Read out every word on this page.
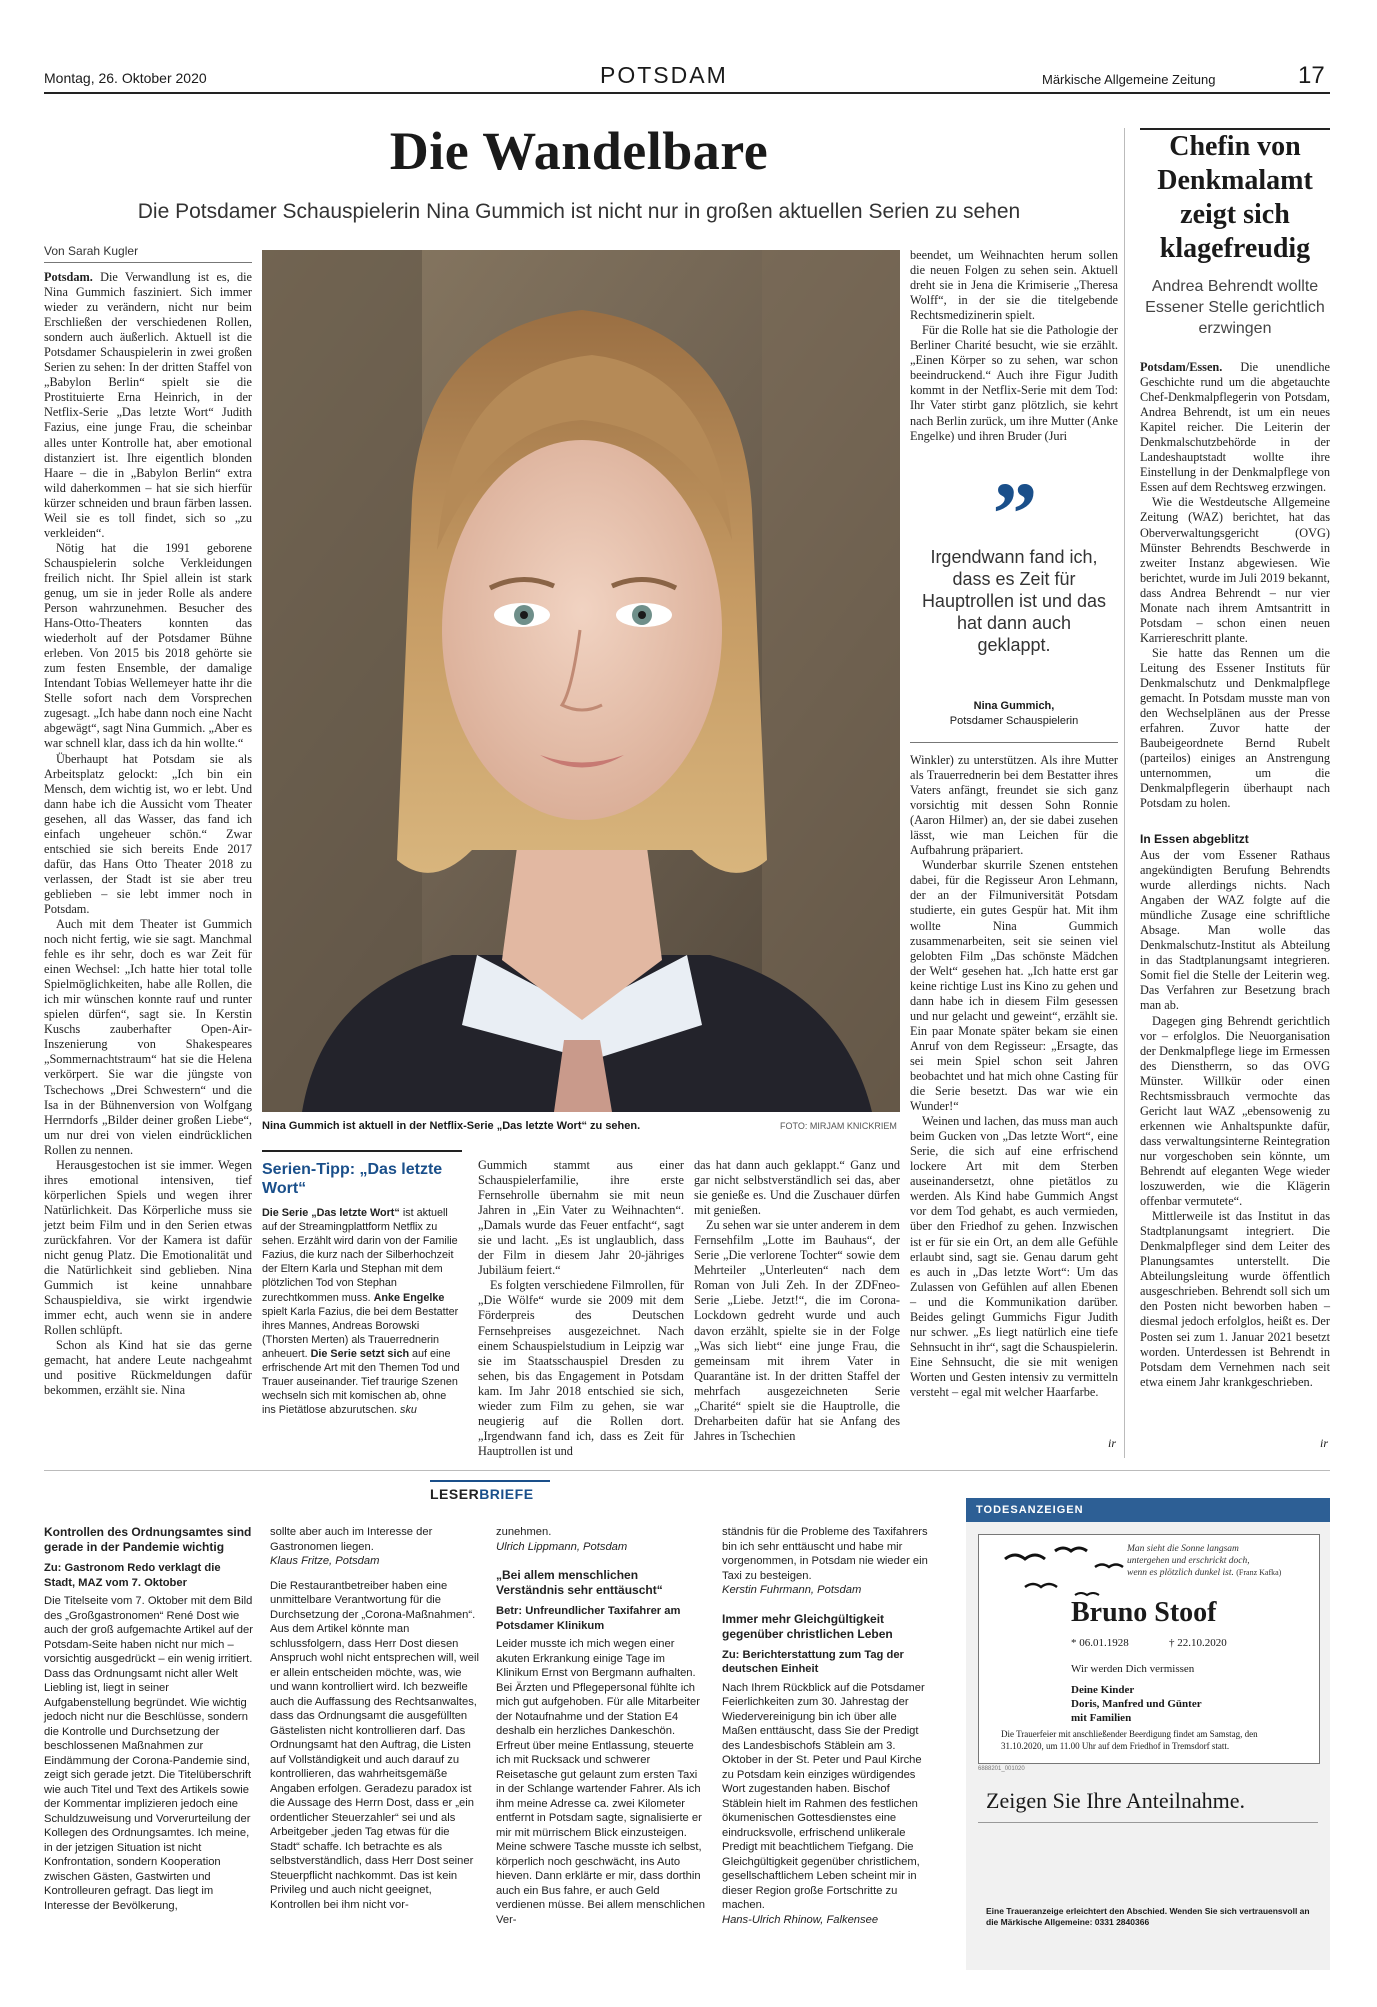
Montag, 26. Oktober 2020	POTSDAM	Märkische Allgemeine Zeitung	17
Die Wandelbare
Die Potsdamer Schauspielerin Nina Gummich ist nicht nur in großen aktuellen Serien zu sehen
Von Sarah Kugler

Potsdam. Die Verwandlung ist es, die Nina Gummich fasziniert. Sich immer wieder zu verändern, nicht nur beim Erschließen der verschiedenen Rollen, sondern auch äußerlich. Aktuell ist die Potsdamer Schauspielerin in zwei großen Serien zu sehen: In der dritten Staffel von „Babylon Berlin“ spielt sie die Prostituierte Erna Heinrich, in der Netflix-Serie „Das letzte Wort“ Judith Fazius, eine junge Frau, die scheinbar alles unter Kontrolle hat, aber emotional distanziert ist. Ihre eigentlich blonden Haare – die in „Babylon Berlin“ extra wild daherkommen – hat sie sich hierfür kürzer schneiden und braun färben lassen. Weil sie es toll findet, sich so „zu verkleiden“.

Nötig hat die 1991 geborene Schauspielerin solche Verkleidungen freilich nicht. Ihr Spiel allein ist stark genug, um sie in jeder Rolle als andere Person wahrzunehmen. Besucher des Hans-Otto-Theaters konnten das wiederholt auf der Potsdamer Bühne erleben. Von 2015 bis 2018 gehörte sie zum festen Ensemble, der damalige Intendant Tobias Wellemeyer hatte ihr die Stelle sofort nach dem Vorsprechen zugesagt. „Ich habe dann noch eine Nacht abgewägt“, sagt Nina Gummich. „Aber es war schnell klar, dass ich da hin wollte.“

Überhaupt hat Potsdam sie als Arbeitsplatz gelockt: „Ich bin ein Mensch, dem wichtig ist, wo er lebt. Und dann habe ich die Aussicht vom Theater gesehen, all das Wasser, das fand ich einfach ungeheuer schön.“ Zwar entschied sie sich bereits Ende 2017 dafür, das Hans Otto Theater 2018 zu verlassen, der Stadt ist sie aber treu geblieben – sie lebt immer noch in Potsdam.

Auch mit dem Theater ist Gummich noch nicht fertig, wie sie sagt. Manchmal fehle es ihr sehr, doch es war Zeit für einen Wechsel: „Ich hatte hier total tolle Spielmöglichkeiten, habe alle Rollen, die ich mir wünschen konnte rauf und runter spielen dürfen“, sagt sie. In Kerstin Kuschs zauberhafter Open-Air-Inszenierung von Shakespeares „Sommernachtstraum“ hat sie die Helena verkörpert. Sie war die jüngste von Tschechows „Drei Schwestern“ und die Isa in der Bühnenversion von Wolfgang Herrndorfs „Bilder deiner großen Liebe“, um nur drei von vielen eindrücklichen Rollen zu nennen.

Herausgestochen ist sie immer. Wegen ihres emotional intensiven, tief körperlichen Spiels und wegen ihrer Natürlichkeit. Das Körperliche muss sie jetzt beim Film und in den Serien etwas zurückfahren. Vor der Kamera ist dafür nicht genug Platz. Die Emotionalität und die Natürlichkeit sind geblieben. Nina Gummich ist keine unnahbare Schauspieldiva, sie wirkt irgendwie immer echt, auch wenn sie in andere Rollen schlüpft.

Schon als Kind hat sie das gerne gemacht, hat andere Leute nachgeahmt und positive Rückmeldungen dafür bekommen, erzählt sie. Nina

Nina Gummich ist aktuell in der Netflix-Serie „Das letzte Wort“ zu sehen.	FOTO: MIRJAM KNICKRIEM
Serien-Tipp: „Das letzte Wort“
Die Serie „Das letzte Wort“ ist aktuell auf der Streamingplattform Netflix zu sehen. Erzählt wird darin von der Familie Fazius, die kurz nach der Silberhochzeit der Eltern Karla und Stephan mit dem plötzlichen Tod von Stephan zurechtkommen muss. Anke Engelke spielt Karla Fazius, die bei dem Bestatter ihres Mannes, Andreas Borowski (Thorsten Merten) als Trauerrednerin anheuert. Die Serie setzt sich auf eine erfrischende Art mit den Themen Tod und Trauer auseinander. Tief traurige Szenen wechseln sich mit komischen ab, ohne ins Pietätlose abzurutschen. sku

Gummich stammt aus einer Schauspielerfamilie, ihre erste Fernsehrolle übernahm sie mit neun Jahren in „Ein Vater zu Weihnachten“. „Damals wurde das Feuer entfacht“, sagt sie und lacht. „Es ist unglaublich, dass der Film in diesem Jahr 20-jähriges Jubiläum feiert.“

Es folgten verschiedene Filmrollen, für „Die Wölfe“ wurde sie 2009 mit dem Förderpreis des Deutschen Fernsehpreises ausgezeichnet. Nach einem Schauspielstudium in Leipzig war sie im Staatsschauspiel Dresden zu sehen, bis das Engagement in Potsdam kam. Im Jahr 2018 entschied sie sich, wieder zum Film zu gehen, sie war neugierig auf die Rollen dort. „Irgendwann fand ich, dass es Zeit für Hauptrollen ist und

das hat dann auch geklappt.“ Ganz und gar nicht selbstverständlich sei das, aber sie genieße es. Und die Zuschauer dürfen mit genießen.

Zu sehen war sie unter anderem in dem Fernsehfilm „Lotte im Bauhaus“, der Serie „Die verlorene Tochter“ sowie dem Mehrteiler „Unterleuten“ nach dem Roman von Juli Zeh. In der ZDFneo-Serie „Liebe. Jetzt!“, die im Corona-Lockdown gedreht wurde und auch davon erzählt, spielte sie in der Folge „Was sich liebt“ eine junge Frau, die gemeinsam mit ihrem Vater in Quarantäne ist. In der dritten Staffel der mehrfach ausgezeichneten Serie „Charité“ spielt sie die Hauptrolle, die Dreharbeiten dafür hat sie Anfang des Jahres in Tschechien

beendet, um Weihnachten herum sollen die neuen Folgen zu sehen sein. Aktuell dreht sie in Jena die Krimiserie „Theresa Wolff“, in der sie die titelgebende Rechtsmedizinerin spielt.

Für die Rolle hat sie die Pathologie der Berliner Charité besucht, wie sie erzählt. „Einen Körper so zu sehen, war schon beeindruckend.“ Auch ihre Figur Judith kommt in der Netflix-Serie mit dem Tod: Ihr Vater stirbt ganz plötzlich, sie kehrt nach Berlin zurück, um ihre Mutter (Anke Engelke) und ihren Bruder (Juri

”
Irgendwann fand ich, dass es Zeit für Hauptrollen ist und das hat dann auch geklappt.
Nina Gummich,
Potsdamer Schauspielerin

Winkler) zu unterstützen. Als ihre Mutter als Trauerrednerin bei dem Bestatter ihres Vaters anfängt, freundet sie sich ganz vorsichtig mit dessen Sohn Ronnie (Aaron Hilmer) an, der sie dabei zusehen lässt, wie man Leichen für die Aufbahrung präpariert.

Wunderbar skurrile Szenen entstehen dabei, für die Regisseur Aron Lehmann, der an der Filmuniversität Potsdam studierte, ein gutes Gespür hat. Mit ihm wollte Nina Gummich zusammenarbeiten, seit sie seinen viel gelobten Film „Das schönste Mädchen der Welt“ gesehen hat. „Ich hatte erst gar keine richtige Lust ins Kino zu gehen und dann habe ich in diesem Film gesessen und nur gelacht und geweint“, erzählt sie. Ein paar Monate später bekam sie einen Anruf von dem Regisseur: „Ersagte, das sei mein Spiel schon seit Jahren beobachtet und hat mich ohne Casting für die Serie besetzt. Das war wie ein Wunder!“

Weinen und lachen, das muss man auch beim Gucken von „Das letzte Wort“, eine Serie, die sich auf eine erfrischend lockere Art mit dem Sterben auseinandersetzt, ohne pietätlos zu werden. Als Kind habe Gummich Angst vor dem Tod gehabt, es auch vermieden, über den Friedhof zu gehen. Inzwischen ist er für sie ein Ort, an dem alle Gefühle erlaubt sind, sagt sie. Genau darum geht es auch in „Das letzte Wort“: Um das Zulassen von Gefühlen auf allen Ebenen – und die Kommunikation darüber. Beides gelingt Gummichs Figur Judith nur schwer. „Es liegt natürlich eine tiefe Sehnsucht in ihr“, sagt die Schauspielerin. Eine Sehnsucht, die sie mit wenigen Worten und Gesten intensiv zu vermitteln versteht – egal mit welcher Haarfarbe.

ir
Chefin von Denkmalamt zeigt sich klagefreudig
Andrea Behrendt wollte Essener Stelle gerichtlich erzwingen

Potsdam/Essen. Die unendliche Geschichte rund um die abgetauchte Chef-Denkmalpflegerin von Potsdam, Andrea Behrendt, ist um ein neues Kapitel reicher. Die Leiterin der Denkmalschutzbehörde in der Landeshauptstadt wollte ihre Einstellung in der Denkmalpflege von Essen auf dem Rechtsweg erzwingen.

Wie die Westdeutsche Allgemeine Zeitung (WAZ) berichtet, hat das Oberverwaltungsgericht (OVG) Münster Behrendts Beschwerde in zweiter Instanz abgewiesen. Wie berichtet, wurde im Juli 2019 bekannt, dass Andrea Behrendt – nur vier Monate nach ihrem Amtsantritt in Potsdam – schon einen neuen Karriereschritt plante.

Sie hatte das Rennen um die Leitung des Essener Instituts für Denkmalschutz und Denkmalpflege gemacht. In Potsdam musste man von den Wechselplänen aus der Presse erfahren. Zuvor hatte der Baubeigeordnete Bernd Rubelt (parteilos) einiges an Anstrengung unternommen, um die Denkmalpflegerin überhaupt nach Potsdam zu holen.

In Essen abgeblitzt

Aus der vom Essener Rathaus angekündigten Berufung Behrendts wurde allerdings nichts. Nach Angaben der WAZ folgte auf die mündliche Zusage eine schriftliche Absage. Man wolle das Denkmalschutz-Institut als Abteilung in das Stadtplanungsamt integrieren. Somit fiel die Stelle der Leiterin weg. Das Verfahren zur Besetzung brach man ab.

Dagegen ging Behrendt gerichtlich vor – erfolglos. Die Neuorganisation der Denkmalpflege liege im Ermessen des Dienstherrn, so das OVG Münster. Willkür oder einen Rechtsmissbrauch vermochte das Gericht laut WAZ „ebensowenig zu erkennen wie Anhaltspunkte dafür, dass verwaltungsinterne Reintegration nur vorgeschoben sein könnte, um Behrendt auf eleganten Wege wieder loszuwerden, wie die Klägerin offenbar vermutete“.

Mittlerweile ist das Institut in das Stadtplanungsamt integriert. Die Denkmalpfleger sind dem Leiter des Planungsamtes unterstellt. Die Abteilungsleitung wurde öffentlich ausgeschrieben. Behrendt soll sich um den Posten nicht beworben haben – diesmal jedoch erfolglos, heißt es. Der Posten sei zum 1. Januar 2021 besetzt worden. Unterdessen ist Behrendt in Potsdam dem Vernehmen nach seit etwa einem Jahr krankgeschrieben.

ir
LESERBRIEFE
Kontrollen des Ordnungsamtes sind gerade in der Pandemie wichtig
Zu: Gastronom Redo verklagt die Stadt, MAZ vom 7. Oktober

Die Titelseite vom 7. Oktober mit dem Bild des „Großgastronomen“ René Dost wie auch der groß aufgemachte Artikel auf der Potsdam-Seite haben nicht nur mich – vorsichtig ausgedrückt – ein wenig irritiert. Dass das Ordnungsamt nicht aller Welt Liebling ist, liegt in seiner Aufgabenstellung begründet. Wie wichtig jedoch nicht nur die Beschlüsse, sondern die Kontrolle und Durchsetzung der beschlossenen Maßnahmen zur Eindämmung der Corona-Pandemie sind, zeigt sich gerade jetzt. Die Titelüberschrift wie auch Titel und Text des Artikels sowie der Kommentar implizieren jedoch eine Schuldzuweisung und Vorverurteilung der Kollegen des Ordnungsamtes. Ich meine, in der jetzigen Situation ist nicht Konfrontation, sondern Kooperation zwischen Gästen, Gastwirten und Kontrolleuren gefragt. Das liegt im Interesse der Bevölkerung,

sollte aber auch im Interesse der Gastronomen liegen.

Klaus Fritze, Potsdam

Die Restaurantbetreiber haben eine unmittelbare Verantwortung für die Durchsetzung der „Corona-Maßnahmen“. Aus dem Artikel könnte man schlussfolgern, dass Herr Dost diesen Anspruch wohl nicht entsprechen will, weil er allein entscheiden möchte, was, wie und wann kontrolliert wird. Ich bezweifle auch die Auffassung des Rechtsanwaltes, dass das Ordnungsamt die ausgefüllten Gästelisten nicht kontrollieren darf. Das Ordnungsamt hat den Auftrag, die Listen auf Vollständigkeit und auch darauf zu kontrollieren, das wahrheitsgemäße Angaben erfolgen. Geradezu paradox ist die Aussage des Herrn Dost, dass er „ein ordentlicher Steuerzahler“ sei und als Arbeitgeber „jeden Tag etwas für die Stadt“ schaffe. Ich betrachte es als selbstverständlich, dass Herr Dost seiner Steuerpflicht nachkommt. Das ist kein Privileg und auch nicht geeignet, Kontrollen bei ihm nicht vor-

zunehmen.

Ulrich Lippmann, Potsdam
„Bei allem menschlichen Verständnis sehr enttäuscht“
Betr: Unfreundlicher Taxifahrer am Potsdamer Klinikum

Leider musste ich mich wegen einer akuten Erkrankung einige Tage im Klinikum Ernst von Bergmann aufhalten. Bei Ärzten und Pflegepersonal fühlte ich mich gut aufgehoben. Für alle Mitarbeiter der Notaufnahme und der Station E4 deshalb ein herzliches Dankeschön. Erfreut über meine Entlassung, steuerte ich mit Rucksack und schwerer Reisetasche gut gelaunt zum ersten Taxi in der Schlange wartender Fahrer. Als ich ihm meine Adresse ca. zwei Kilometer entfernt in Potsdam sagte, signalisierte er mir mit mürrischem Blick einzusteigen. Meine schwere Tasche musste ich selbst, körperlich noch geschwächt, ins Auto hieven. Dann erklärte er mir, dass dorthin auch ein Bus fahre, er auch Geld verdienen müsse. Bei allem menschlichen Ver-

ständnis für die Probleme des Taxifahrers bin ich sehr enttäuscht und habe mir vorgenommen, in Potsdam nie wieder ein Taxi zu besteigen.

Kerstin Fuhrmann, Potsdam
Immer mehr Gleichgültigkeit gegenüber christlichen Leben
Zu: Berichterstattung zum Tag der deutschen Einheit

Nach Ihrem Rückblick auf die Potsdamer Feierlichkeiten zum 30. Jahrestag der Wiedervereinigung bin ich über alle Maßen enttäuscht, dass Sie der Predigt des Landesbischofs Stäblein am 3. Oktober in der St. Peter und Paul Kirche zu Potsdam kein einziges würdigendes Wort zugestanden haben. Bischof Stäblein hielt im Rahmen des festlichen ökumenischen Gottesdienstes eine eindrucksvolle, erfrischend unlikerale Predigt mit beachtlichem Tiefgang. Die Gleichgültigkeit gegenüber christlichem, gesellschaftlichem Leben scheint mir in dieser Region große Fortschritte zu machen.

Hans-Ulrich Rhinow, Falkensee
TODESANZEIGEN
Man sieht die Sonne langsam
untergehen und erschrickt doch,
wenn es plötzlich dunkel ist. (Franz Kafka)
Bruno Stoof
* 06.01.1928	† 22.10.2020
Wir werden Dich vermissen
Deine Kinder
Doris, Manfred und Günter
mit Familien
Die Trauerfeier mit anschließender Beerdigung findet am Samstag, den 31.10.2020, um 11.00 Uhr auf dem Friedhof in Tremsdorf statt.
6888201_001020
Zeigen Sie Ihre Anteilnahme.
Eine Traueranzeige erleichtert den Abschied. Wenden Sie sich vertrauensvoll an die Märkische Allgemeine: 0331 2840366
